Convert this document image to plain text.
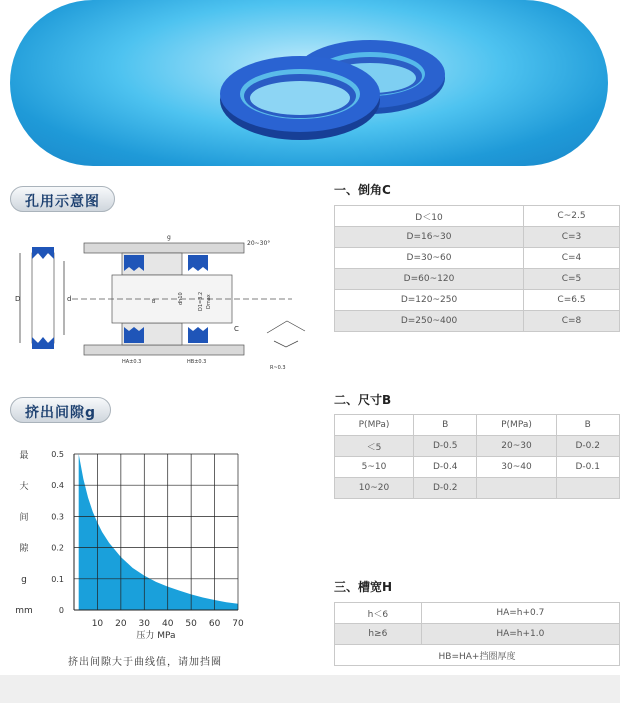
孔用示意图
D	d
20~30°
C
HA±0.3	HB±0.3
R~0.3
g
B	dh10	D1=3.2 Dmax
挤出间隙g
最
大
间
隙
g
mm
10 20 30 40 50 60 70
0
0.1
0.2
0.3
0.4
0.5
压力 MPa
挤出间隙大于曲线值，请加挡圈
一、倒角C
D＜10	C~2.5
D=16~30	C=3
D=30~60	C=4
D=60~120	C=5
D=120~250	C=6.5
D=250~400	C=8
二、尺寸B
P(MPa)	B	P(MPa)	B
＜5	D-0.5	20~30	D-0.2
5~10	D-0.4	30~40	D-0.1
10~20	D-0.2		
三、槽宽H
h＜6	HA=h+0.7
h≥6	HA=h+1.0
HB=HA+挡圈厚度	
